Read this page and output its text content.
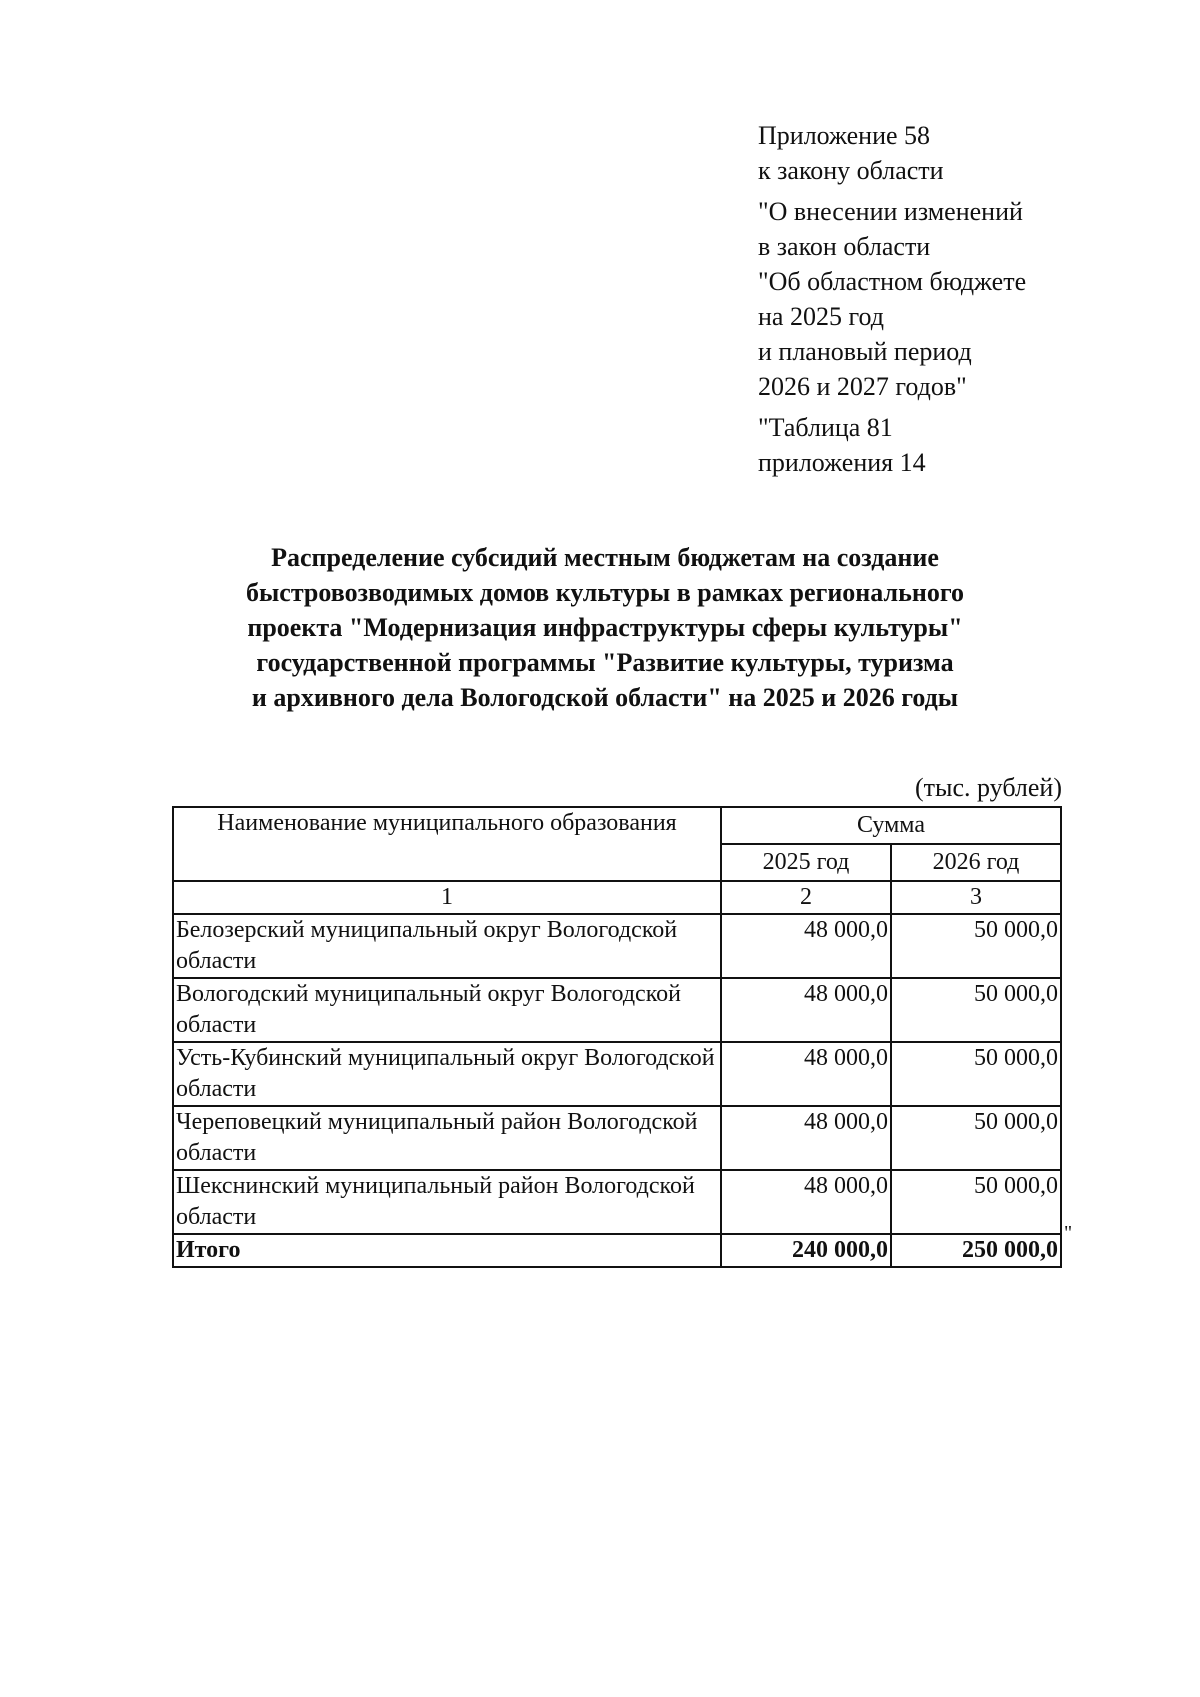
Приложение 58
к закону области
"О внесении изменений
в закон области
"Об областном бюджете
на 2025 год
и плановый период
2026 и 2027 годов"
"Таблица 81
приложения 14
Распределение субсидий местным бюджетам на создание
быстровозводимых домов культуры в рамках регионального
проекта "Модернизация инфраструктуры сферы культуры"
государственной программы "Развитие культуры, туризма
и архивного дела Вологодской области" на 2025 и 2026 годы
(тыс. рублей)
Наименование муниципального образования	Сумма	
	2025 год	2026 год
1	2	3
Белозерский муниципальный округ Вологодской области	48 000,0	50 000,0
Вологодский муниципальный округ Вологодской области	48 000,0	50 000,0
Усть-Кубинский муниципальный округ Вологодской области	48 000,0	50 000,0
Череповецкий муниципальный район Вологодской области	48 000,0	50 000,0
Шекснинский муниципальный район Вологодской области	48 000,0	50 000,0
Итого	240 000,0	250 000,0
"
